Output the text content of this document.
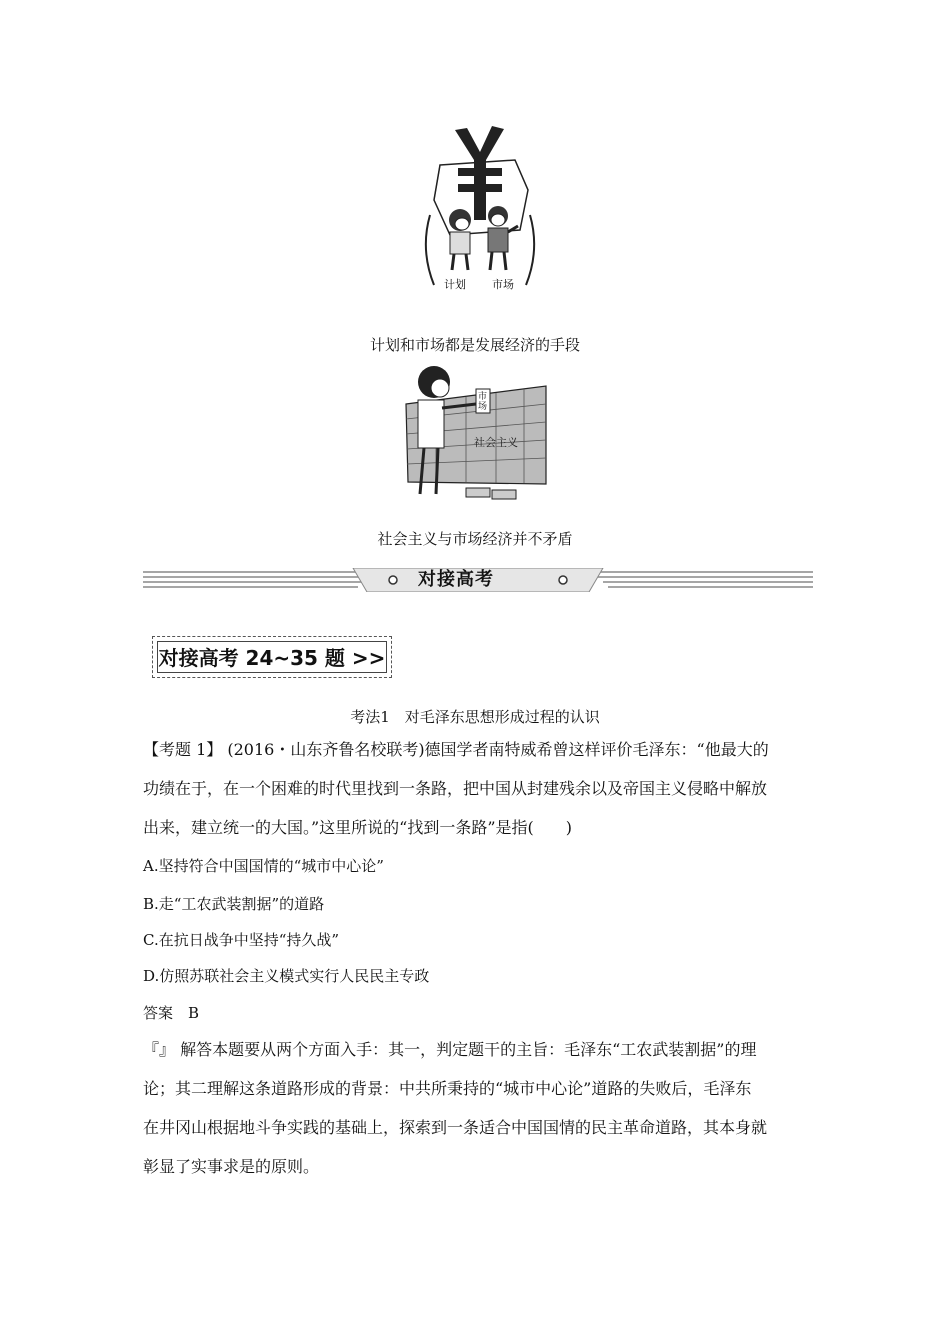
计划 市场
计划和市场都是发展经济的手段
市场
社会主义
社会主义与市场经济并不矛盾
对接高考
对接高考 24~35 题 >>
考法1　对毛泽东思想形成过程的认识
【考题 1】 (2016・山东齐鲁名校联考)德国学者南特威希曾这样评价毛泽东：“他最大的
功绩在于，在一个困难的时代里找到一条路，把中国从封建残余以及帝国主义侵略中解放
出来，建立统一的大国。”这里所说的“找到一条路”是指(　　)
A.坚持符合中国国情的“城市中心论”
B.走“工农武装割据”的道路
C.在抗日战争中坚持“持久战”
D.仿照苏联社会主义模式实行人民民主专政
答案　B
『』 解答本题要从两个方面入手：其一，判定题干的主旨：毛泽东“工农武装割据”的理
论；其二理解这条道路形成的背景：中共所秉持的“城市中心论”道路的失败后，毛泽东
在井冈山根据地斗争实践的基础上，探索到一条适合中国国情的民主革命道路，其本身就
彰显了实事求是的原则。
